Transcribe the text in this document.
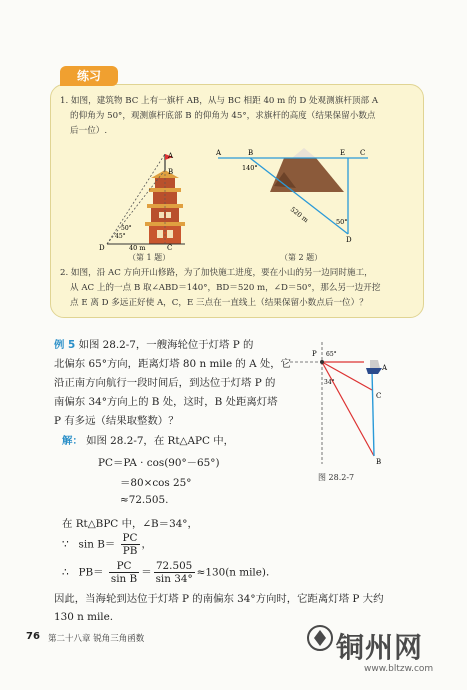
练习
1. 如图，建筑物 BC 上有一旗杆 AB，从与 BC 相距 40 m 的 D 处观测旗杆顶部 A
的仰角为 50°，观测旗杆底部 B 的仰角为 45°，求旗杆的高度（结果保留小数点
后一位）.
A
B
C
D
45°
50°
40 m
（第 1 题）
A	B	E C
D
140°
50°
520 m
（第 2 题）
2. 如图，沿 AC 方向开山修路，为了加快施工进度，要在小山的另一边同时施工，
从 AC 上的一点 B 取∠ABD＝140°，BD＝520 m，∠D＝50°，那么另一边开挖
点 E 离 D 多远正好使 A，C，E 三点在一直线上（结果保留小数点后一位）？
例 5 如图 28.2-7，一艘海轮位于灯塔 P 的
北偏东 65°方向，距离灯塔 80 n mile 的 A 处，它
沿正南方向航行一段时间后，到达位于灯塔 P 的
南偏东 34°方向上的 B 处，这时，B 处距离灯塔
P 有多远（结果取整数）？
P
A
B
C
65°
34°
图 28.2-7
解： 如图 28.2-7，在 Rt△APC 中，
PC＝PA · cos(90°－65°)
＝80×cos 25°
≈72.505.
在 Rt△BPC 中，∠B＝34°，
∵ $\sin B= \frac{PC}{PB}$ ，
∴ $PB= \frac{PC}{\text{sin B}} = \frac{72.505}{\sin 34^\circ} \approx 130(n$ mile)．
因此，当海轮到达位于灯塔 P 的南偏东 34°方向时，它距离灯塔 P 大约
130 n mile.
76 第二十八章 锐角三角函数	铜州网
www.bltzw.com
